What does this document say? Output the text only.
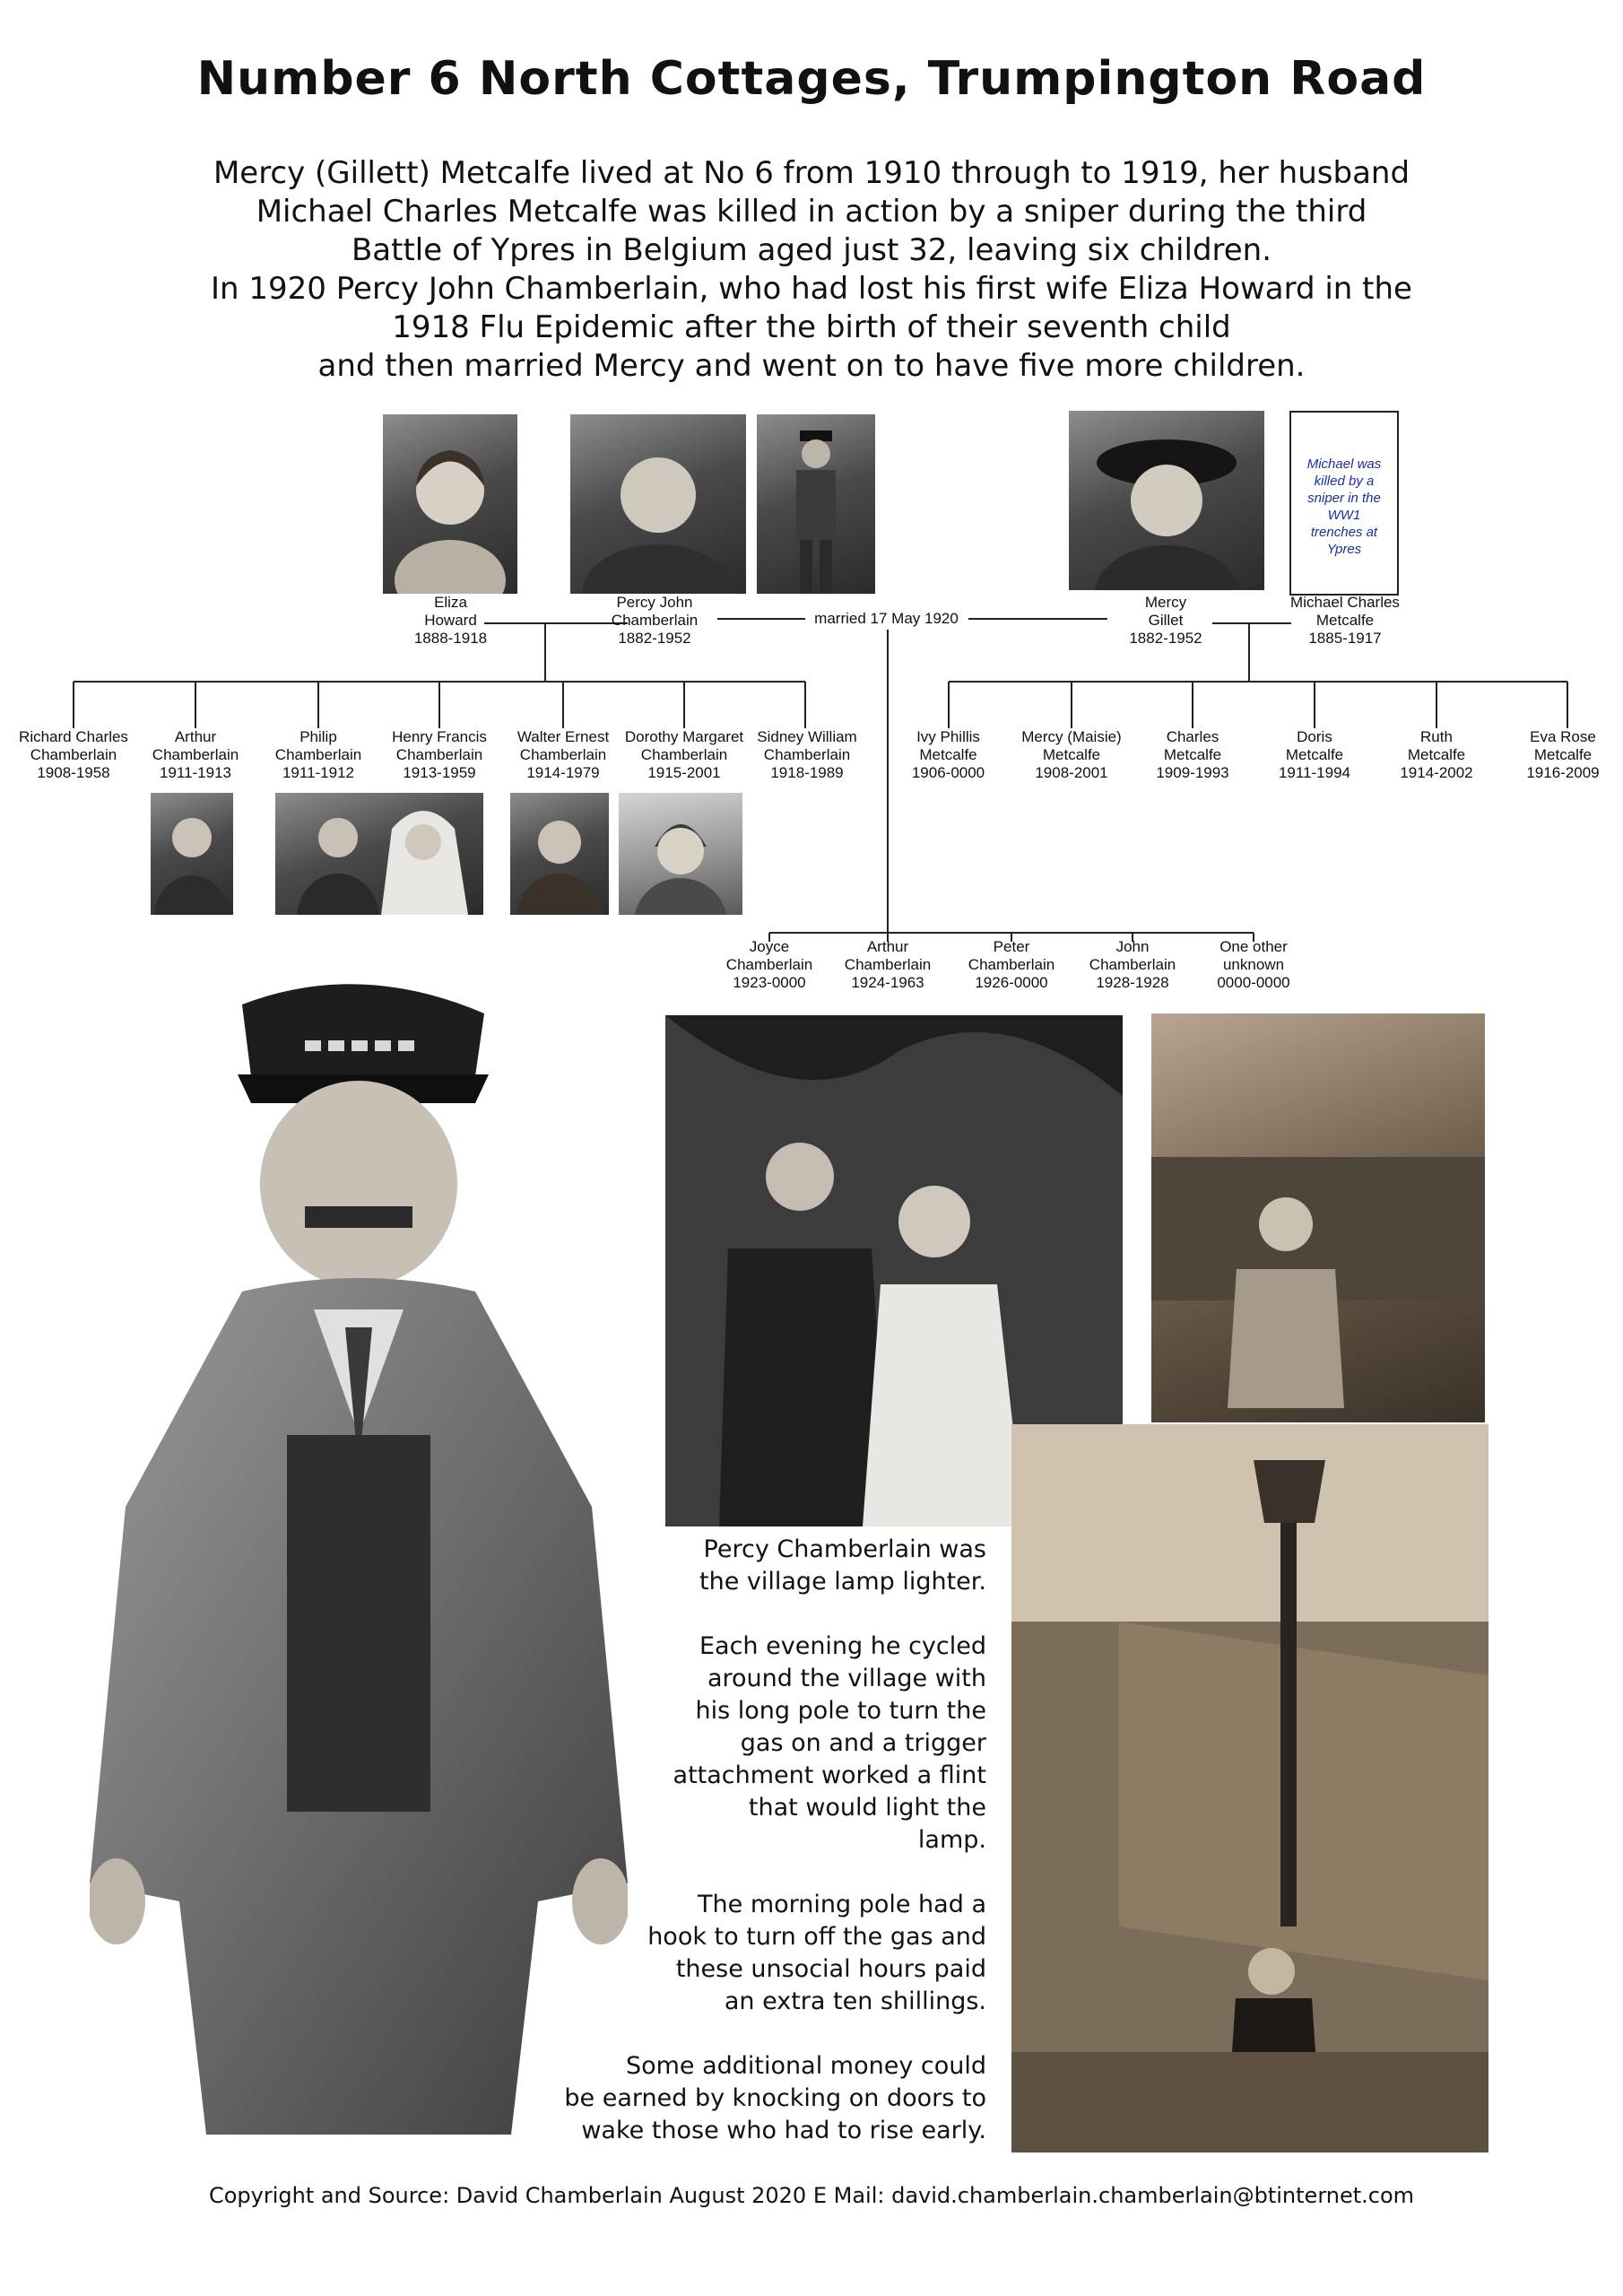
Number 6 North Cottages, Trumpington Road
Mercy (Gillett) Metcalfe lived at No 6 from 1910 through to 1919, her husband
Michael Charles Metcalfe was killed in action by a sniper during the third
Battle of Ypres in Belgium aged just 32, leaving six children.
In 1920 Percy John Chamberlain, who had lost his first wife Eliza Howard in the
1918 Flu Epidemic after the birth of their seventh child
and then married Mercy and went on to have five more children.
Michael was killed by a sniper in the WW1 trenches at Ypres
Eliza
Howard
1888-1918
Percy John
Chamberlain
1882-1952
married 17 May 1920
Mercy
Gillet
1882-1952
Michael Charles
Metcalfe
1885-1917
Richard Charles
Chamberlain
1908-1958
Arthur
Chamberlain
1911-1913
Philip
Chamberlain
1911-1912
Henry Francis
Chamberlain
1913-1959
Walter Ernest
Chamberlain
1914-1979
Dorothy Margaret
Chamberlain
1915-2001
Sidney William
Chamberlain
1918-1989
Ivy Phillis
Metcalfe
1906-0000
Mercy (Maisie)
Metcalfe
1908-2001
Charles
Metcalfe
1909-1993
Doris
Metcalfe
1911-1994
Ruth
Metcalfe
1914-2002
Eva Rose
Metcalfe
1916-2009
Joyce
Chamberlain
1923-0000
Arthur
Chamberlain
1924-1963
Peter
Chamberlain
1926-0000
John
Chamberlain
1928-1928
One other
unknown
0000-0000
Percy Chamberlain was
the village lamp lighter.
Each evening he cycled
around the village with
his long pole to turn the
gas on and a trigger
attachment worked a flint
that would light the
lamp.
The morning pole had a
hook to turn off the gas and
these unsocial hours paid
an extra ten shillings.
Some additional money could
be earned by knocking on doors to
wake those who had to rise early.
Copyright and Source: David Chamberlain August 2020 E Mail: david.chamberlain.chamberlain@btinternet.com
